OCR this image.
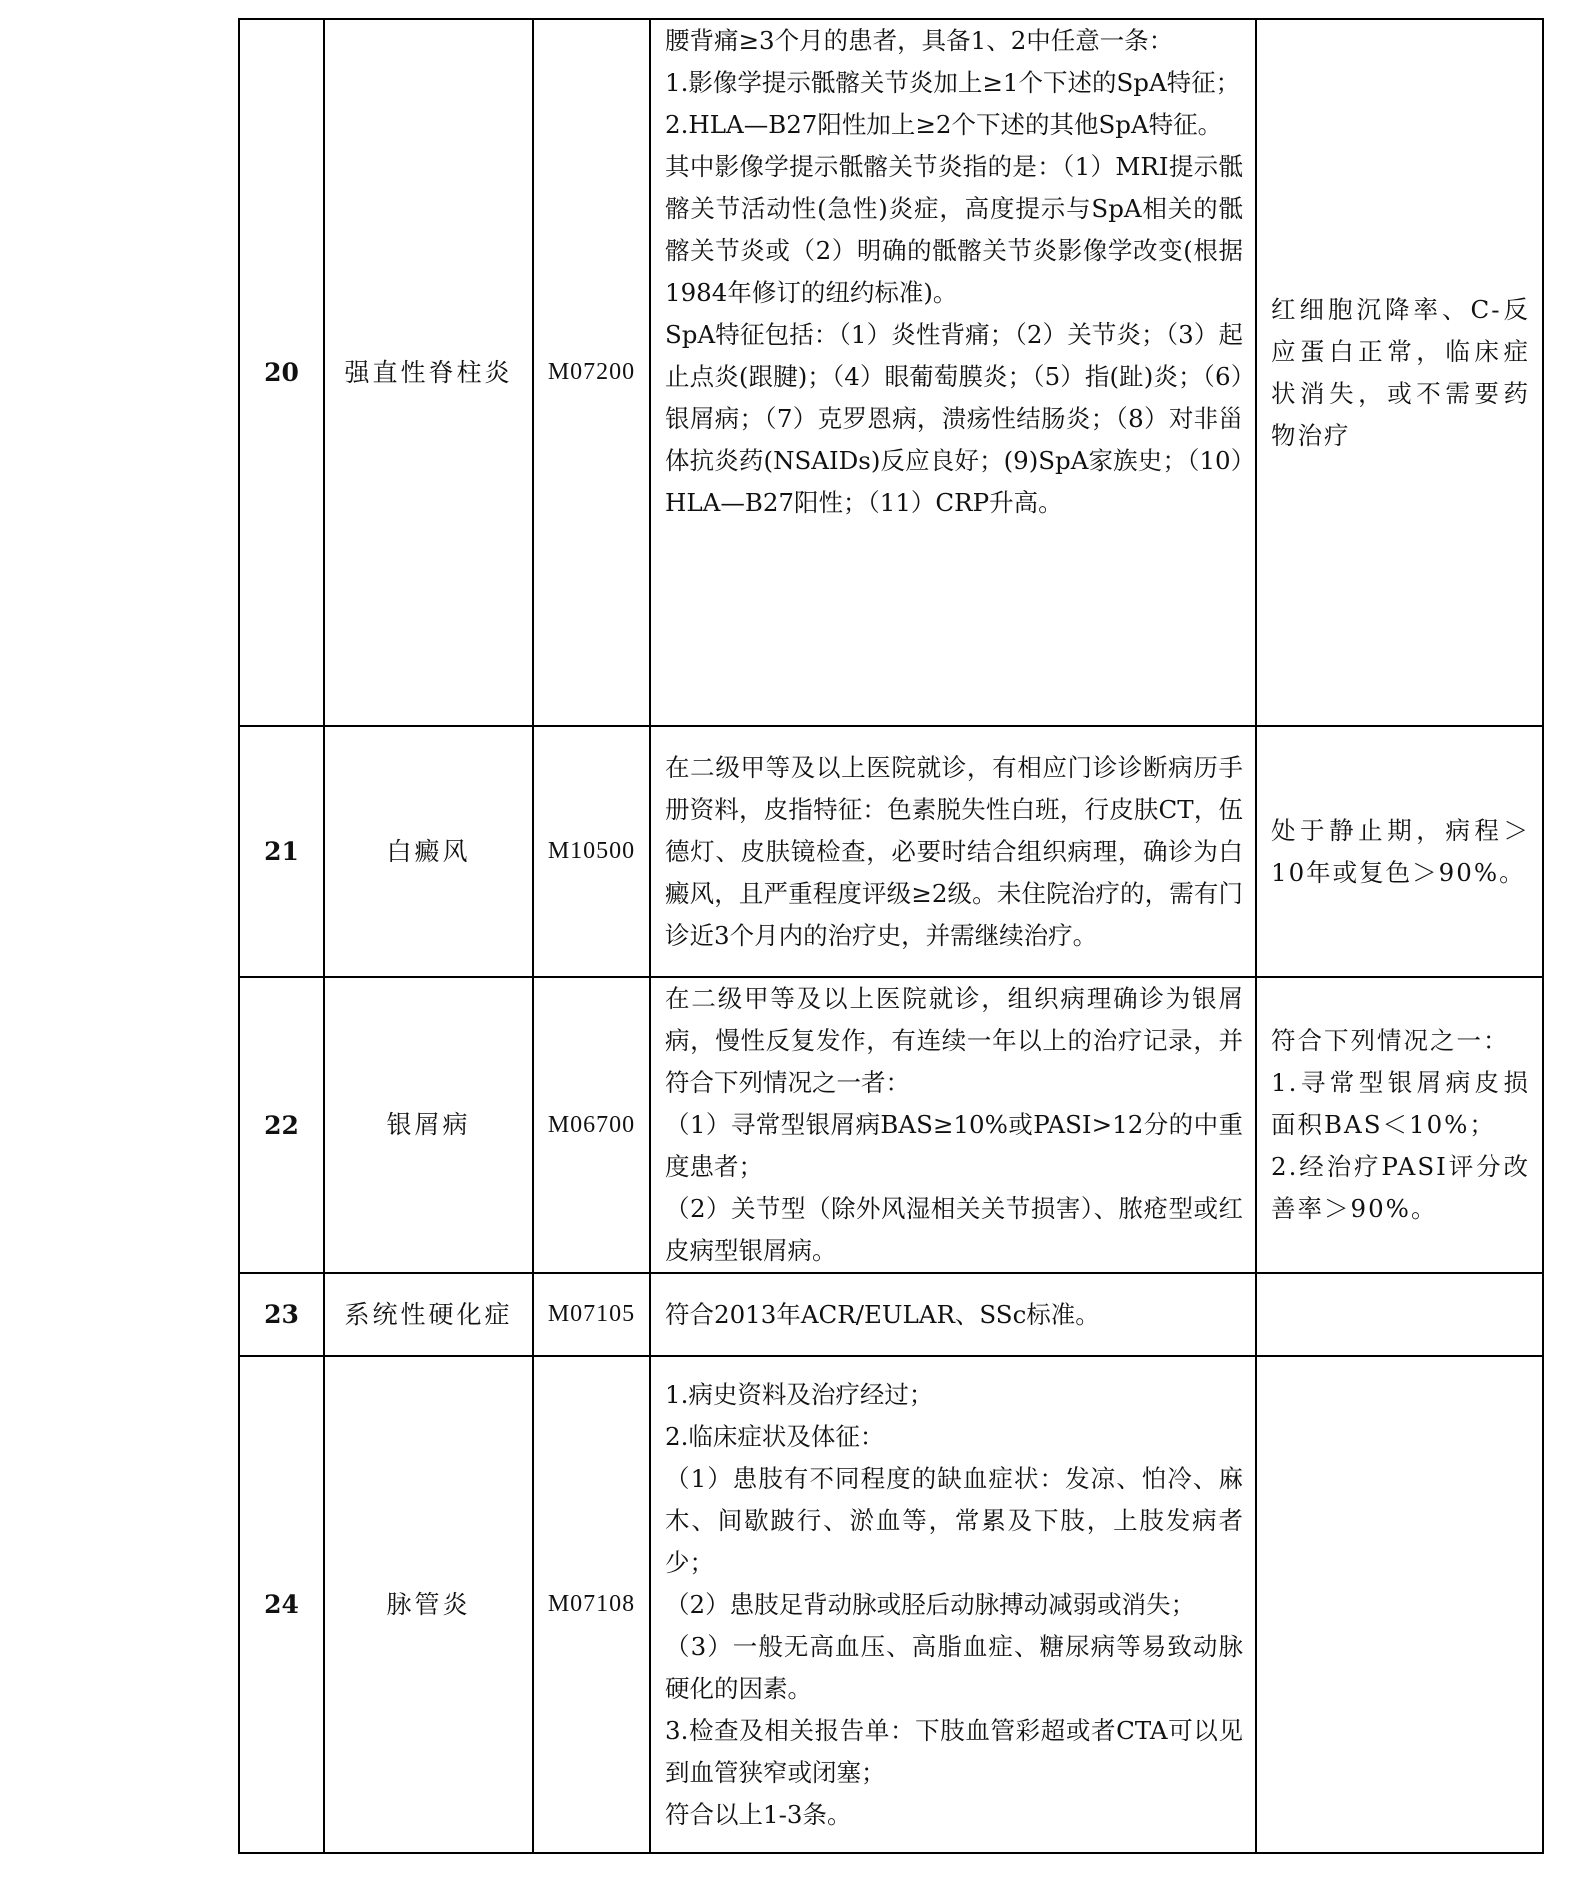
20	强直性脊柱炎	M07200	腰背痛≥3个月的患者，具备1、2中任意一条：
1.影像学提示骶髂关节炎加上≥1个下述的SpA特征；
2.HLA—B27阳性加上≥2个下述的其他SpA特征。
其中影像学提示骶髂关节炎指的是：（1）MRI提示骶髂关节活动性(急性)炎症，高度提示与SpA相关的骶髂关节炎或（2）明确的骶髂关节炎影像学改变(根据1984年修订的纽约标准)。
SpA特征包括：（1）炎性背痛；（2）关节炎；（3）起止点炎(跟腱)；（4）眼葡萄膜炎；（5）指(趾)炎；（6）银屑病；（7）克罗恩病，溃疡性结肠炎；（8）对非甾体抗炎药(NSAIDs)反应良好；(9)SpA家族史；（10）HLA—B27阳性；（11）CRP升高。	红细胞沉降率、C-反应蛋白正常，临床症状消失，或不需要药物治疗

21	白癜风	M10500	在二级甲等及以上医院就诊，有相应门诊诊断病历手册资料，皮指特征：色素脱失性白班，行皮肤CT，伍德灯、皮肤镜检查，必要时结合组织病理，确诊为白癜风，且严重程度评级≥2级。未住院治疗的，需有门诊近3个月内的治疗史，并需继续治疗。	处于静止期，病程＞10年或复色＞90%。

22	银屑病	M06700	在二级甲等及以上医院就诊，组织病理确诊为银屑病，慢性反复发作，有连续一年以上的治疗记录，并符合下列情况之一者：
（1）寻常型银屑病BAS≥10%或PASI>12分的中重度患者；
（2）关节型（除外风湿相关关节损害）、脓疮型或红皮病型银屑病。	符合下列情况之一：
1.寻常型银屑病皮损面积BAS＜10%；
2.经治疗PASI评分改善率＞90%。

23	系统性硬化症	M07105	符合2013年ACR/EULAR、SSc标准。	

24	脉管炎	M07108	
1.病史资料及治疗经过；
2.临床症状及体征：
（1）患肢有不同程度的缺血症状：发凉、怕冷、麻木、间歇跛行、淤血等，常累及下肢，上肢发病者少；
（2）患肢足背动脉或胫后动脉搏动减弱或消失；
（3）一般无高血压、高脂血症、糖尿病等易致动脉硬化的因素。
3.检查及相关报告单：下肢血管彩超或者CTA可以见到血管狭窄或闭塞；
符合以上1-3条。
